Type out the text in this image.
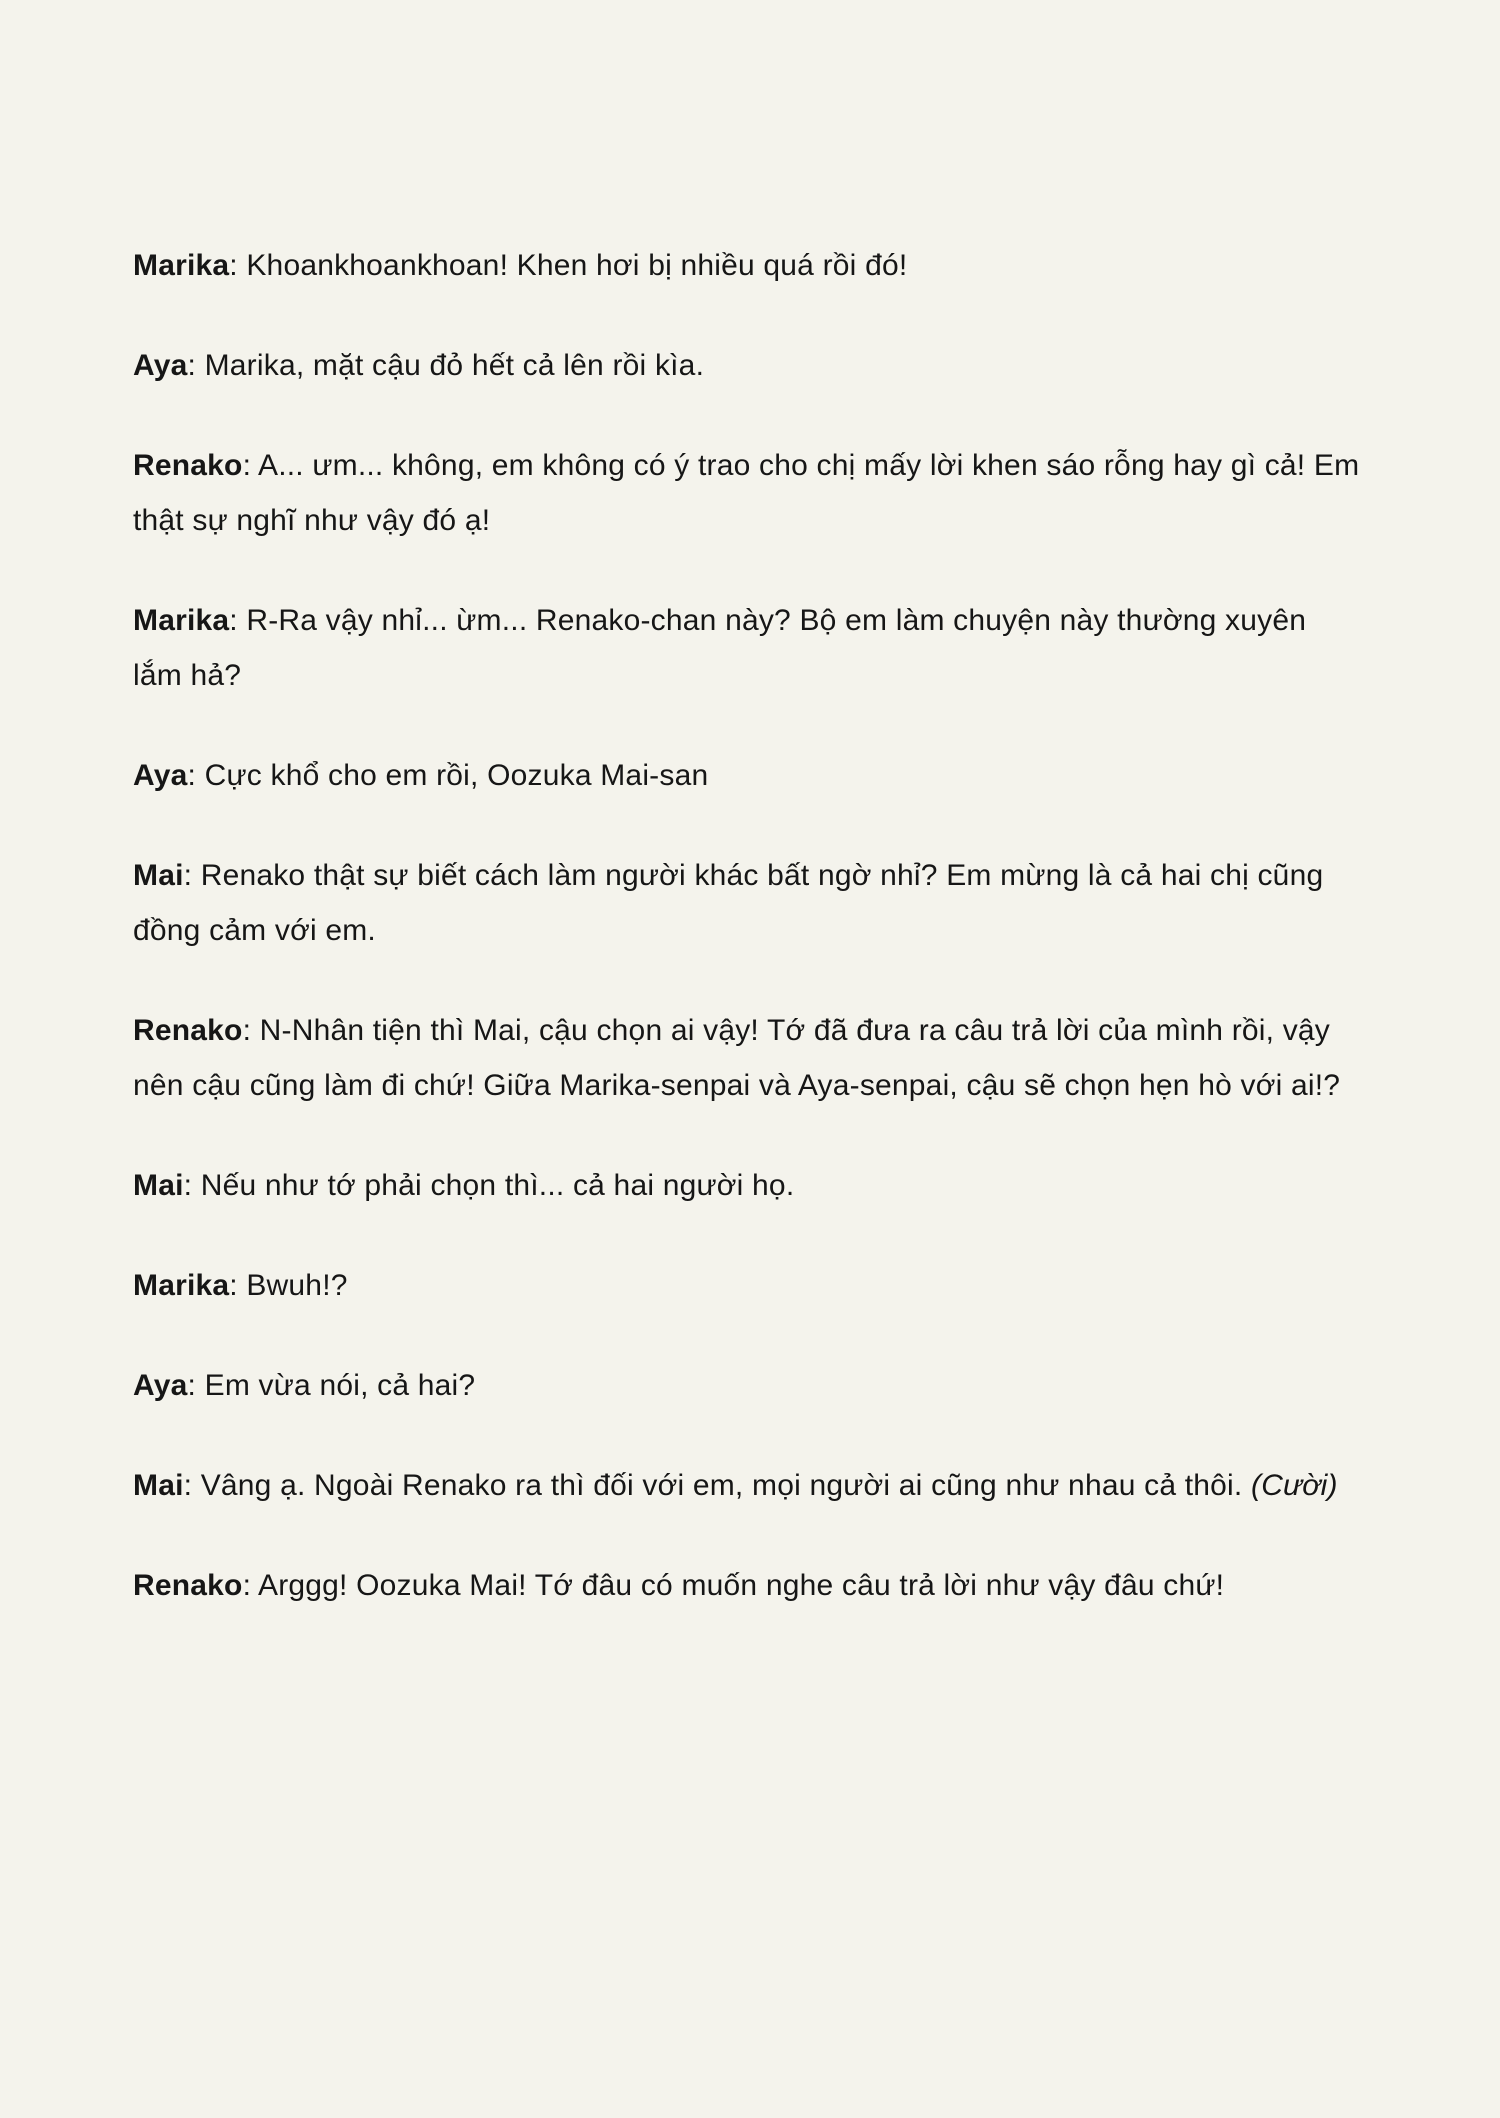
Marika: Khoankhoankhoan! Khen hơi bị nhiều quá rồi đó!

Aya: Marika, mặt cậu đỏ hết cả lên rồi kìa.

Renako: A... ưm... không, em không có ý trao cho chị mấy lời khen sáo rỗng hay gì cả! Em thật sự nghĩ như vậy đó ạ!

Marika: R-Ra vậy nhỉ... ừm... Renako-chan này? Bộ em làm chuyện này thường xuyên lắm hả?

Aya: Cực khổ cho em rồi, Oozuka Mai-san

Mai: Renako thật sự biết cách làm người khác bất ngờ nhỉ? Em mừng là cả hai chị cũng đồng cảm với em.

Renako: N-Nhân tiện thì Mai, cậu chọn ai vậy! Tớ đã đưa ra câu trả lời của mình rồi, vậy nên cậu cũng làm đi chứ! Giữa Marika-senpai và Aya-senpai, cậu sẽ chọn hẹn hò với ai!?

Mai: Nếu như tớ phải chọn thì... cả hai người họ.

Marika: Bwuh!?

Aya: Em vừa nói, cả hai?

Mai: Vâng ạ. Ngoài Renako ra thì đối với em, mọi người ai cũng như nhau cả thôi. (Cười)

Renako: Arggg! Oozuka Mai! Tớ đâu có muốn nghe câu trả lời như vậy đâu chứ!
